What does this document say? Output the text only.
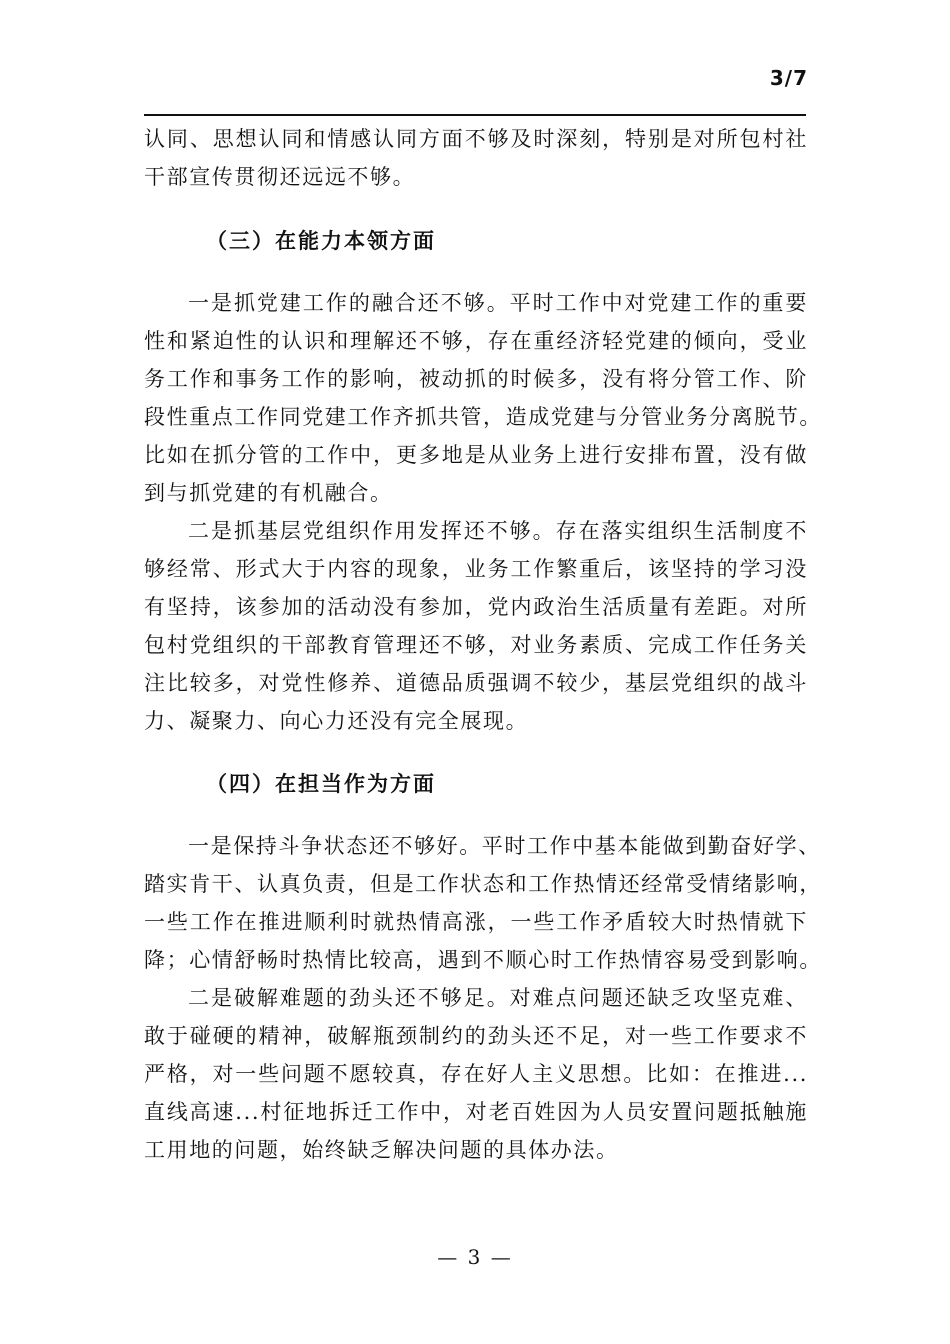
3/7
认同、思想认同和情感认同方面不够及时深刻，特别是对所包村社
干部宣传贯彻还远远不够。
（三）在能力本领方面
一是抓党建工作的融合还不够。平时工作中对党建工作的重要
性和紧迫性的认识和理解还不够，存在重经济轻党建的倾向，受业
务工作和事务工作的影响，被动抓的时候多，没有将分管工作、阶
段性重点工作同党建工作齐抓共管，造成党建与分管业务分离脱节。
比如在抓分管的工作中，更多地是从业务上进行安排布置，没有做
到与抓党建的有机融合。
二是抓基层党组织作用发挥还不够。存在落实组织生活制度不
够经常、形式大于内容的现象，业务工作繁重后，该坚持的学习没
有坚持，该参加的活动没有参加，党内政治生活质量有差距。对所
包村党组织的干部教育管理还不够，对业务素质、完成工作任务关
注比较多，对党性修养、道德品质强调不较少，基层党组织的战斗
力、凝聚力、向心力还没有完全展现。
（四）在担当作为方面
一是保持斗争状态还不够好。平时工作中基本能做到勤奋好学、
踏实肯干、认真负责，但是工作状态和工作热情还经常受情绪影响，
一些工作在推进顺利时就热情高涨，一些工作矛盾较大时热情就下
降；心情舒畅时热情比较高，遇到不顺心时工作热情容易受到影响。
二是破解难题的劲头还不够足。对难点问题还缺乏攻坚克难、
敢于碰硬的精神，破解瓶颈制约的劲头还不足，对一些工作要求不
严格，对一些问题不愿较真，存在好人主义思想。比如：在推进...
直线高速...村征地拆迁工作中，对老百姓因为人员安置问题抵触施
工用地的问题，始终缺乏解决问题的具体办法。
— 3 —
